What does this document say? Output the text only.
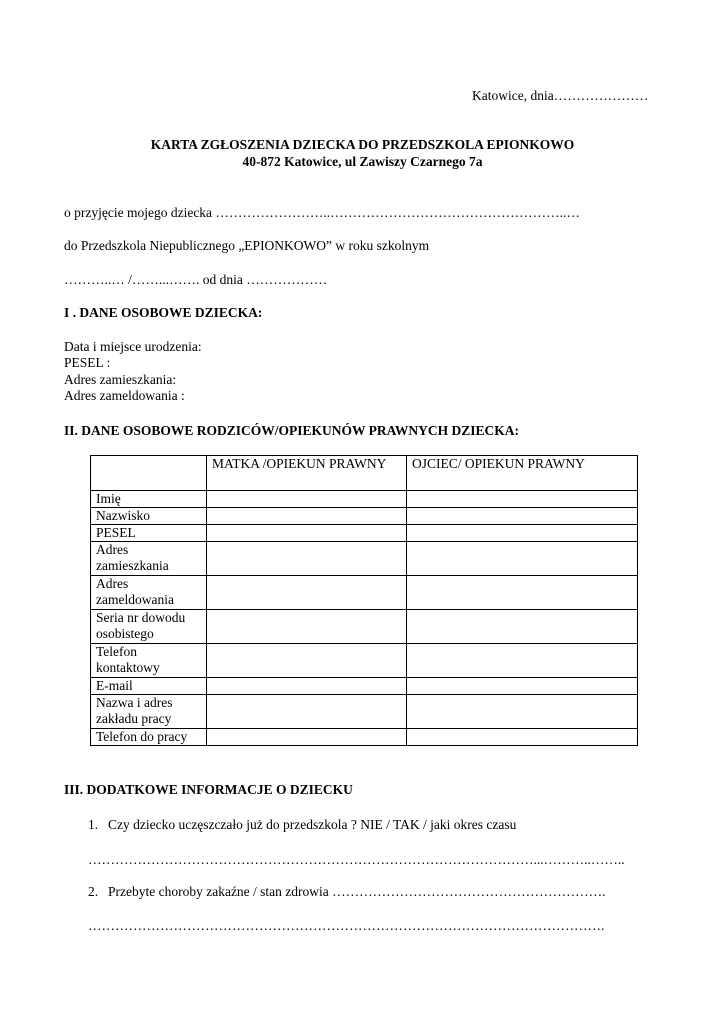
Katowice, dnia…………………
KARTA ZGŁOSZENIA DZIECKA DO PRZEDSZKOLA EPIONKOWO
40-872 Katowice, ul Zawiszy Czarnego 7a
o przyjęcie mojego dziecka ……………………..……………………………………………..…
do Przedszkola Niepublicznego „EPIONKOWO” w roku szkolnym
………..… /……...……. od dnia ………………
I . DANE OSOBOWE DZIECKA:
Data i miejsce urodzenia:
PESEL :
Adres zamieszkania:
Adres zameldowania :
II. DANE OSOBOWE RODZICÓW/OPIEKUNÓW PRAWNYCH DZIECKA:
	MATKA /OPIEKUN PRAWNY	OJCIEC/ OPIEKUN PRAWNY
Imię		
Nazwisko		
PESEL		
Adres zamieszkania		
Adres zameldowania		
Seria nr dowodu osobistego		
Telefon kontaktowy		
E-mail		
Nazwa i adres zakładu pracy		
Telefon do pracy		
III. DODATKOWE INFORMACJE O DZIECKU
1. Czy dziecko uczęszczało już do przedszkola ? NIE / TAK / jaki okres czasu
………………………………………………………………………………………...………..……..
2. Przebyte choroby zakaźne / stan zdrowia …………………………………………………….
…………………………………………………………………………………………………….
